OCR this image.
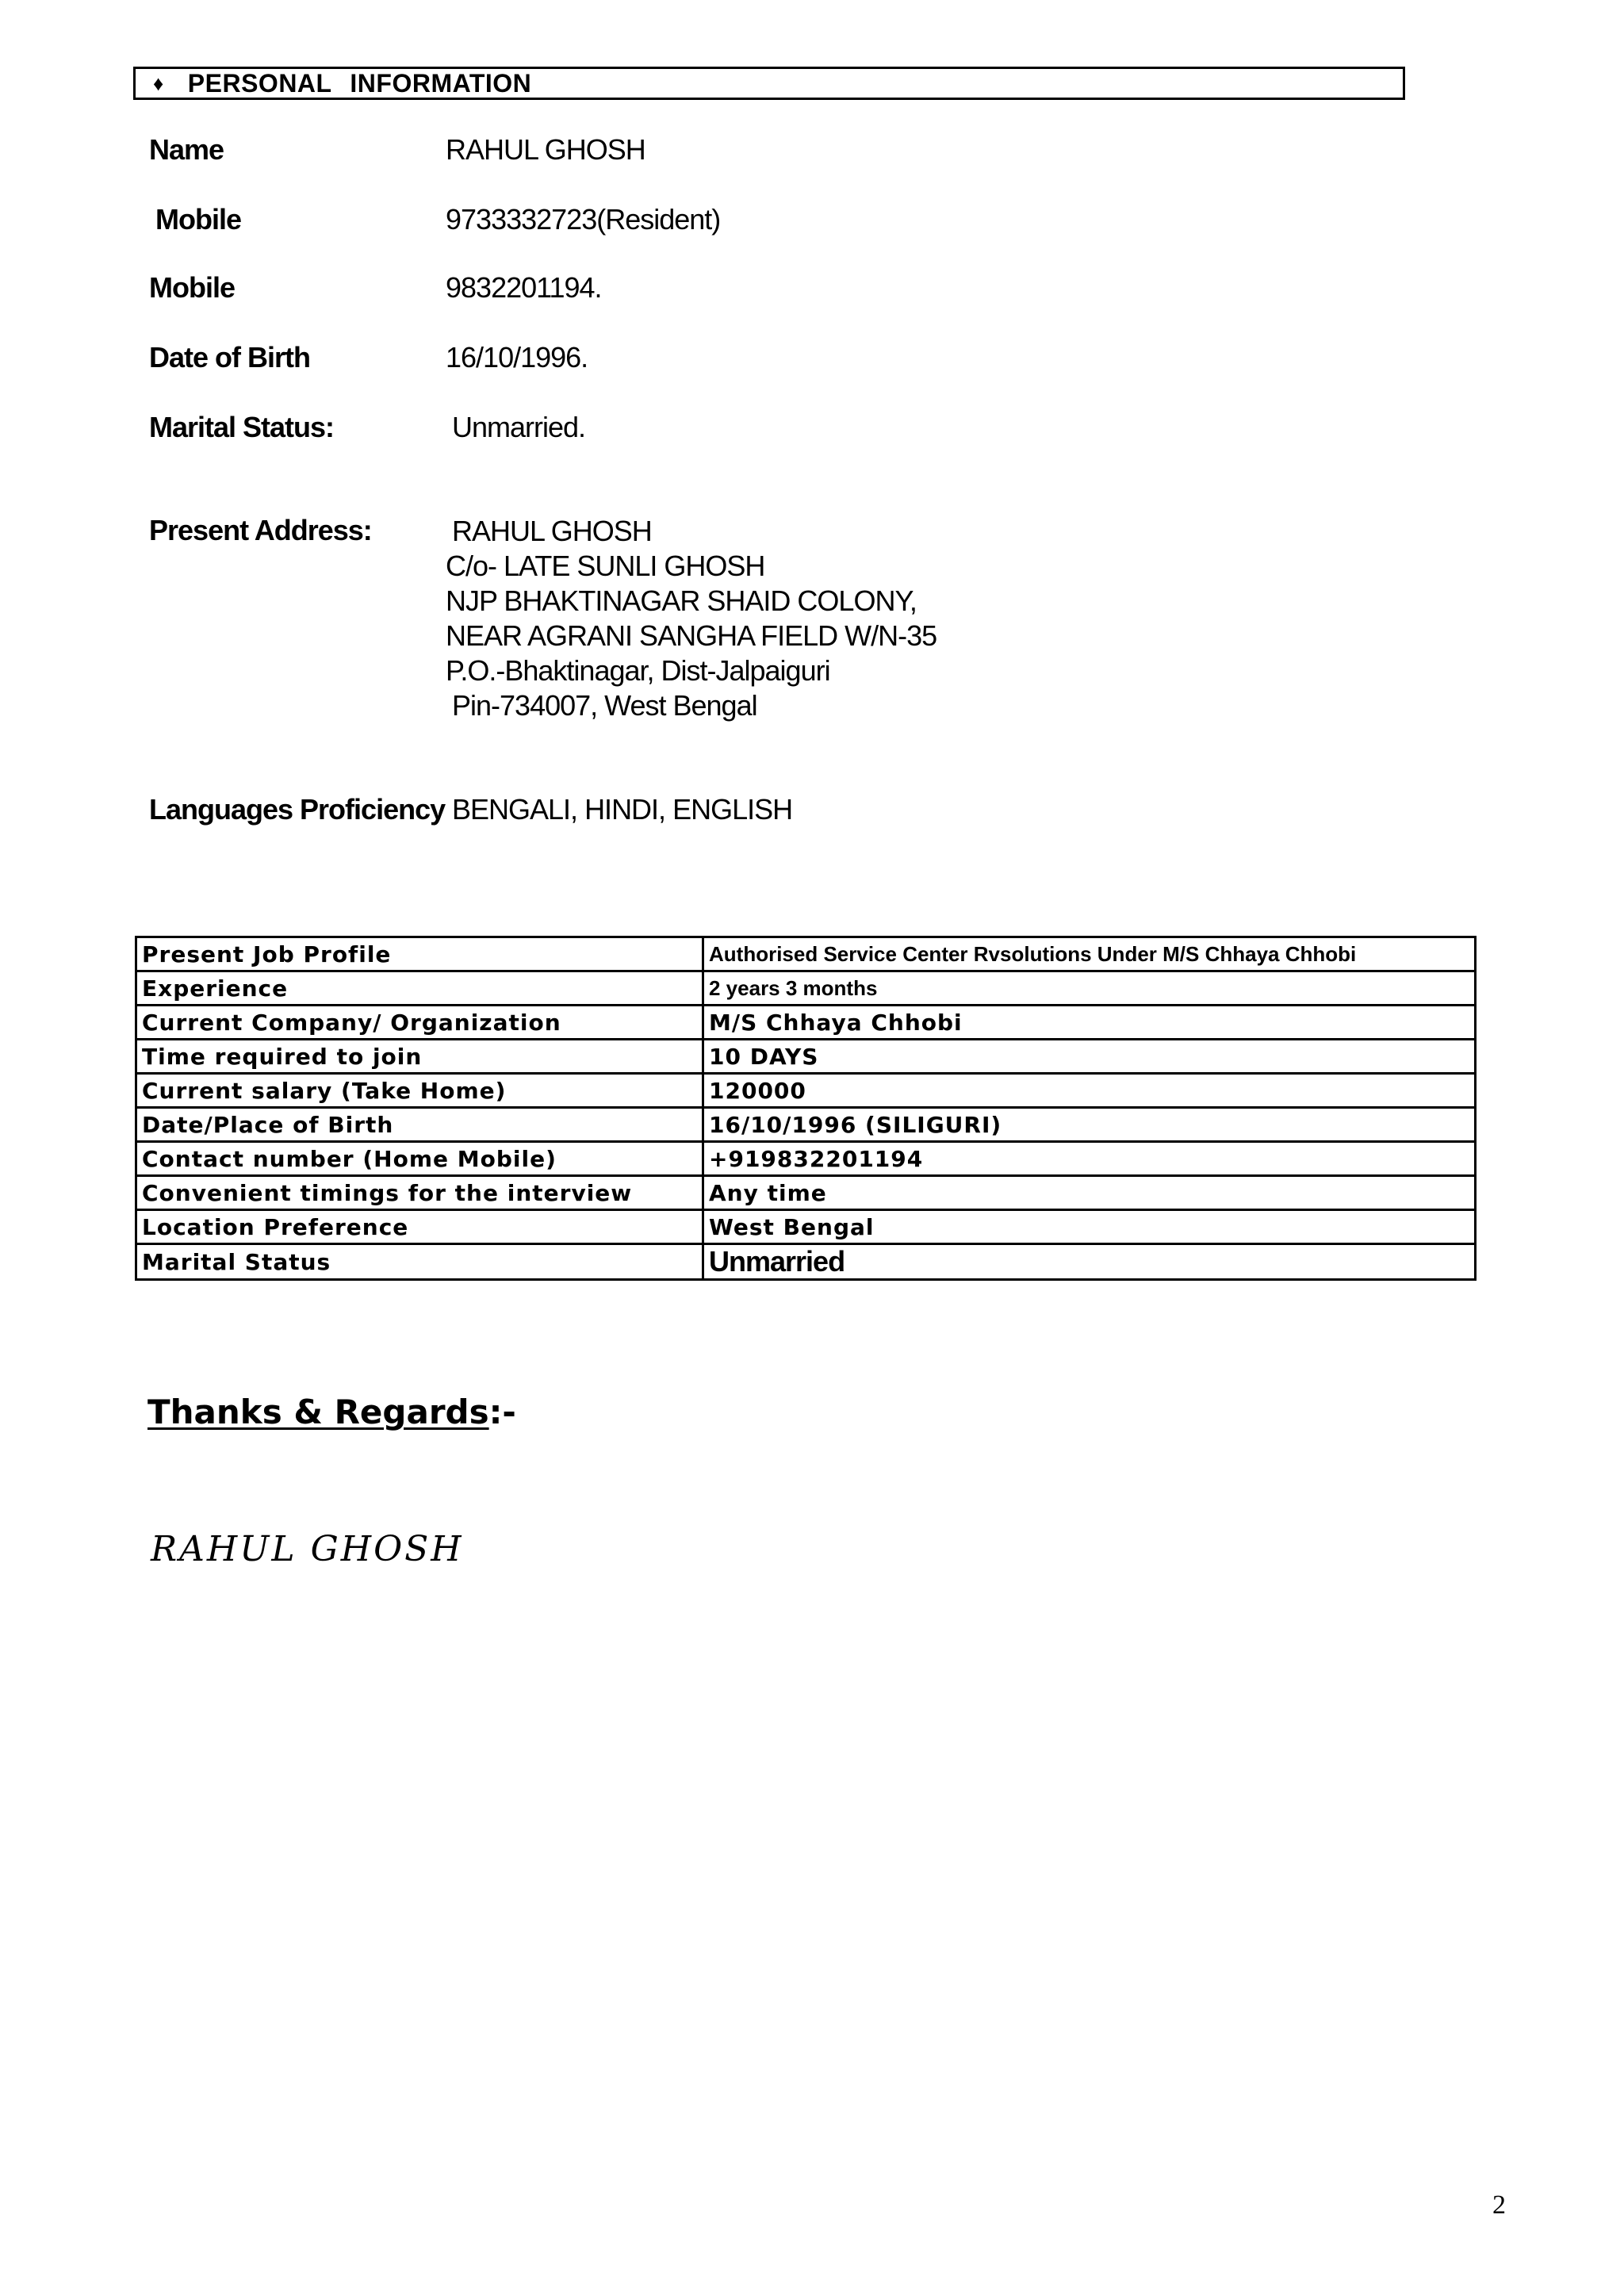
♦ PERSONAL INFORMATION
Name	RAHUL GHOSH
Mobile	9733332723(Resident)
Mobile	9832201194.
Date of Birth	16/10/1996.
Marital Status:	Unmarried.
Present Address:	RAHUL GHOSH
C/o- LATE SUNLI GHOSH
NJP BHAKTINAGAR SHAID COLONY,
NEAR AGRANI SANGHA FIELD W/N-35
P.O.-Bhaktinagar, Dist-Jalpaiguri
Pin-734007, West Bengal
Languages Proficiency BENGALI, HINDI, ENGLISH
Present Job Profile	Authorised Service Center Rvsolutions Under M/S Chhaya Chhobi
Experience	2 years 3 months
Current Company/ Organization	M/S Chhaya Chhobi
Time required to join	10 DAYS
Current salary (Take Home)	120000
Date/Place of Birth	16/10/1996 (SILIGURI)
Contact number (Home Mobile)	+919832201194
Convenient timings for the interview	Any time
Location Preference	West Bengal
Marital Status	Unmarried
Thanks & Regards:-
RAHUL GHOSH
2
